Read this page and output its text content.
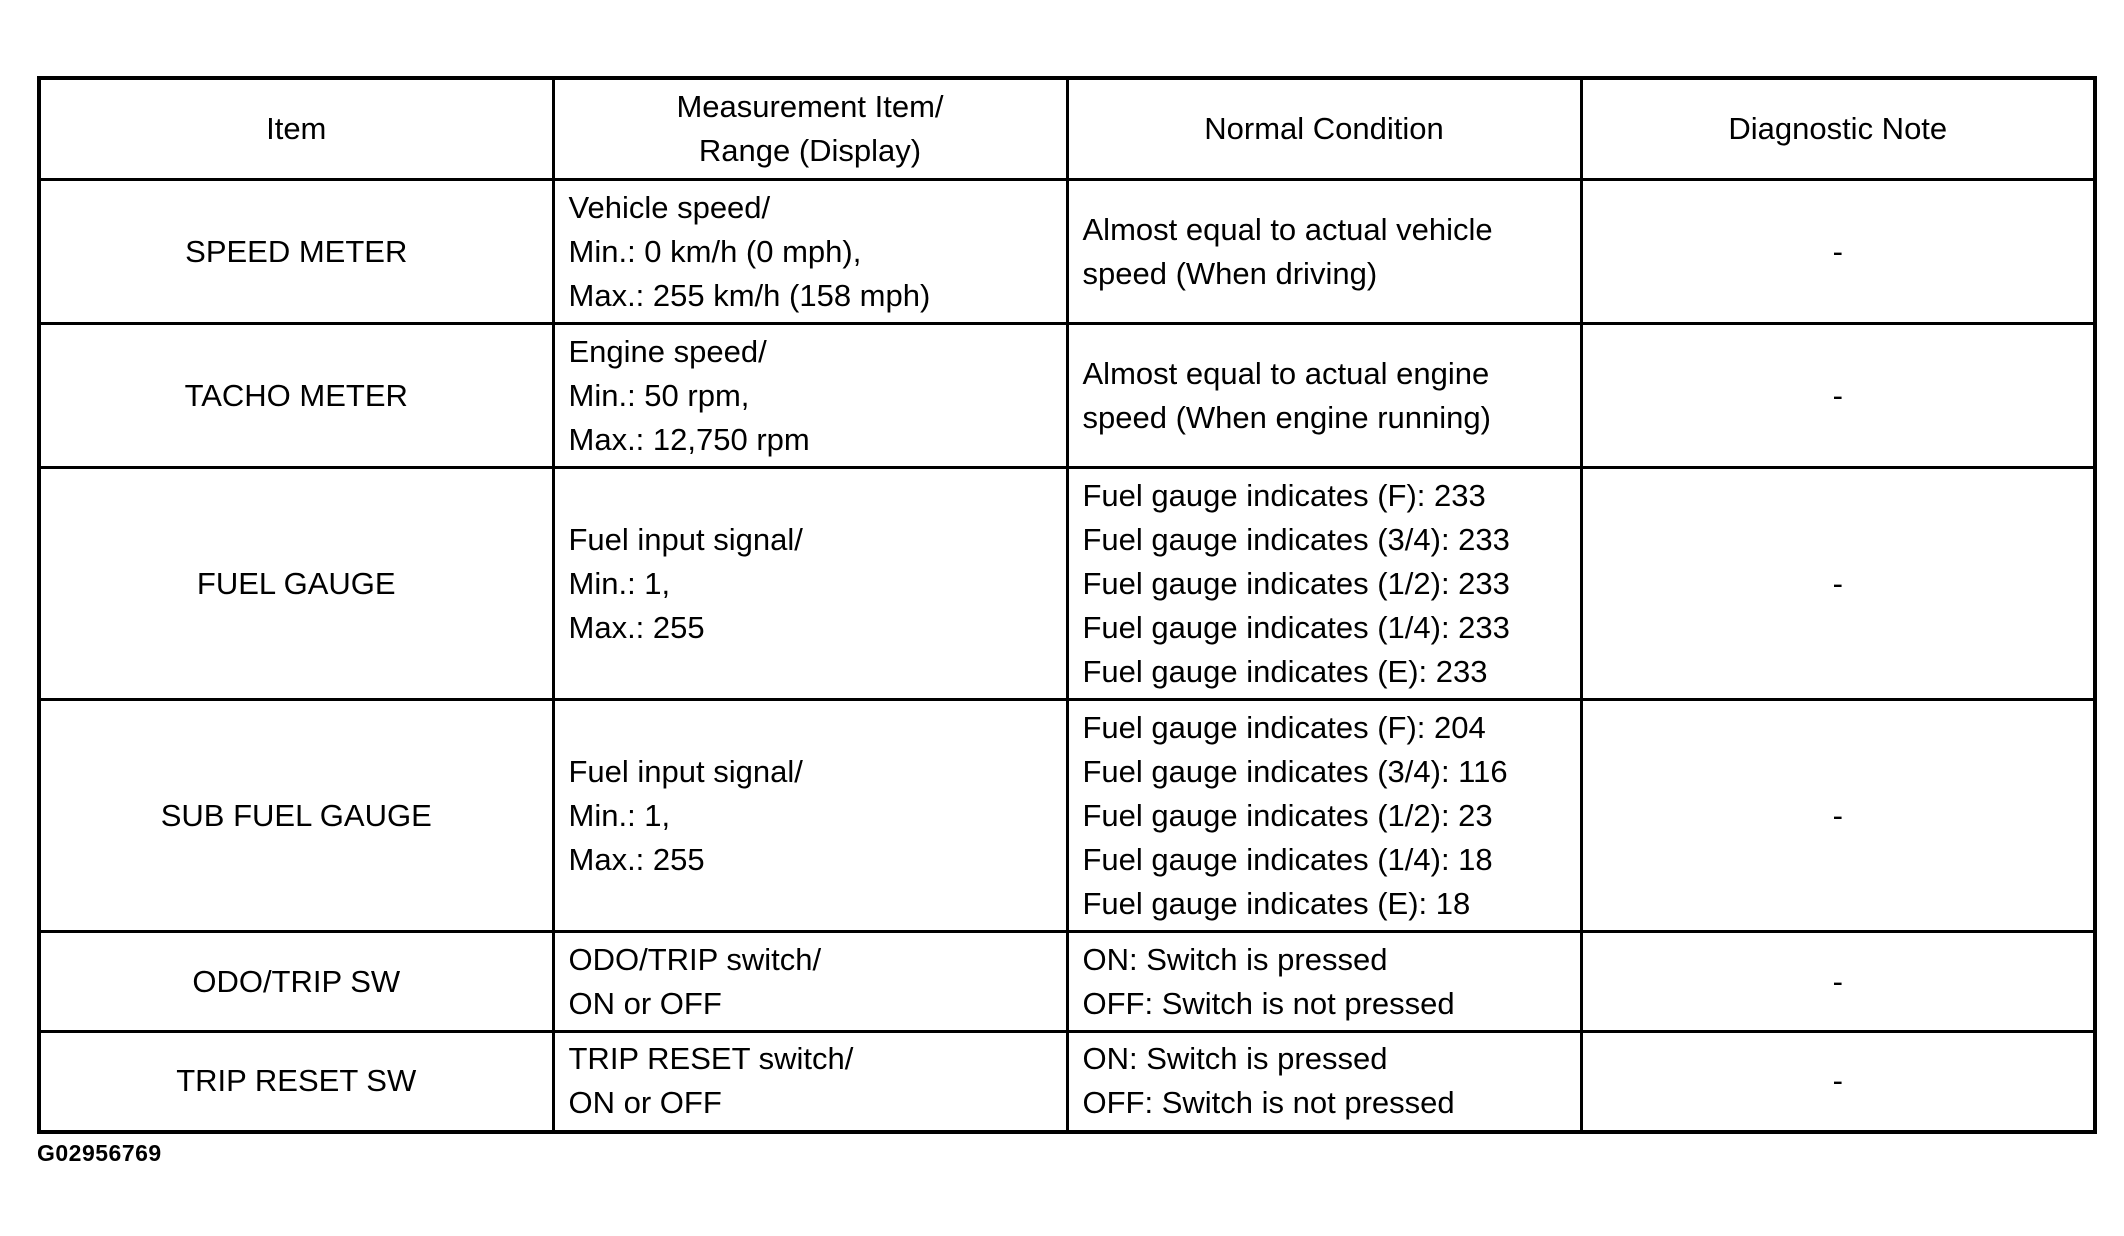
Item	Measurement Item/
Range (Display)	Normal Condition	Diagnostic Note

SPEED METER	Vehicle speed/
Min.: 0 km/h (0 mph),
Max.: 255 km/h (158 mph)	Almost equal to actual vehicle
speed (When driving)	-
TACHO METER	Engine speed/
Min.: 50 rpm,
Max.: 12,750 rpm	Almost equal to actual engine
speed (When engine running)	-
FUEL GAUGE	Fuel input signal/
Min.: 1,
Max.: 255	Fuel gauge indicates (F): 233
Fuel gauge indicates (3/4): 233
Fuel gauge indicates (1/2): 233
Fuel gauge indicates (1/4): 233
Fuel gauge indicates (E): 233	-
SUB FUEL GAUGE	Fuel input signal/
Min.: 1,
Max.: 255	Fuel gauge indicates (F): 204
Fuel gauge indicates (3/4): 116
Fuel gauge indicates (1/2): 23
Fuel gauge indicates (1/4): 18
Fuel gauge indicates (E): 18	-
ODO/TRIP SW	ODO/TRIP switch/
ON or OFF	ON: Switch is pressed
OFF: Switch is not pressed	-
TRIP RESET SW	TRIP RESET switch/
ON or OFF	ON: Switch is pressed
OFF: Switch is not pressed	-
G02956769
